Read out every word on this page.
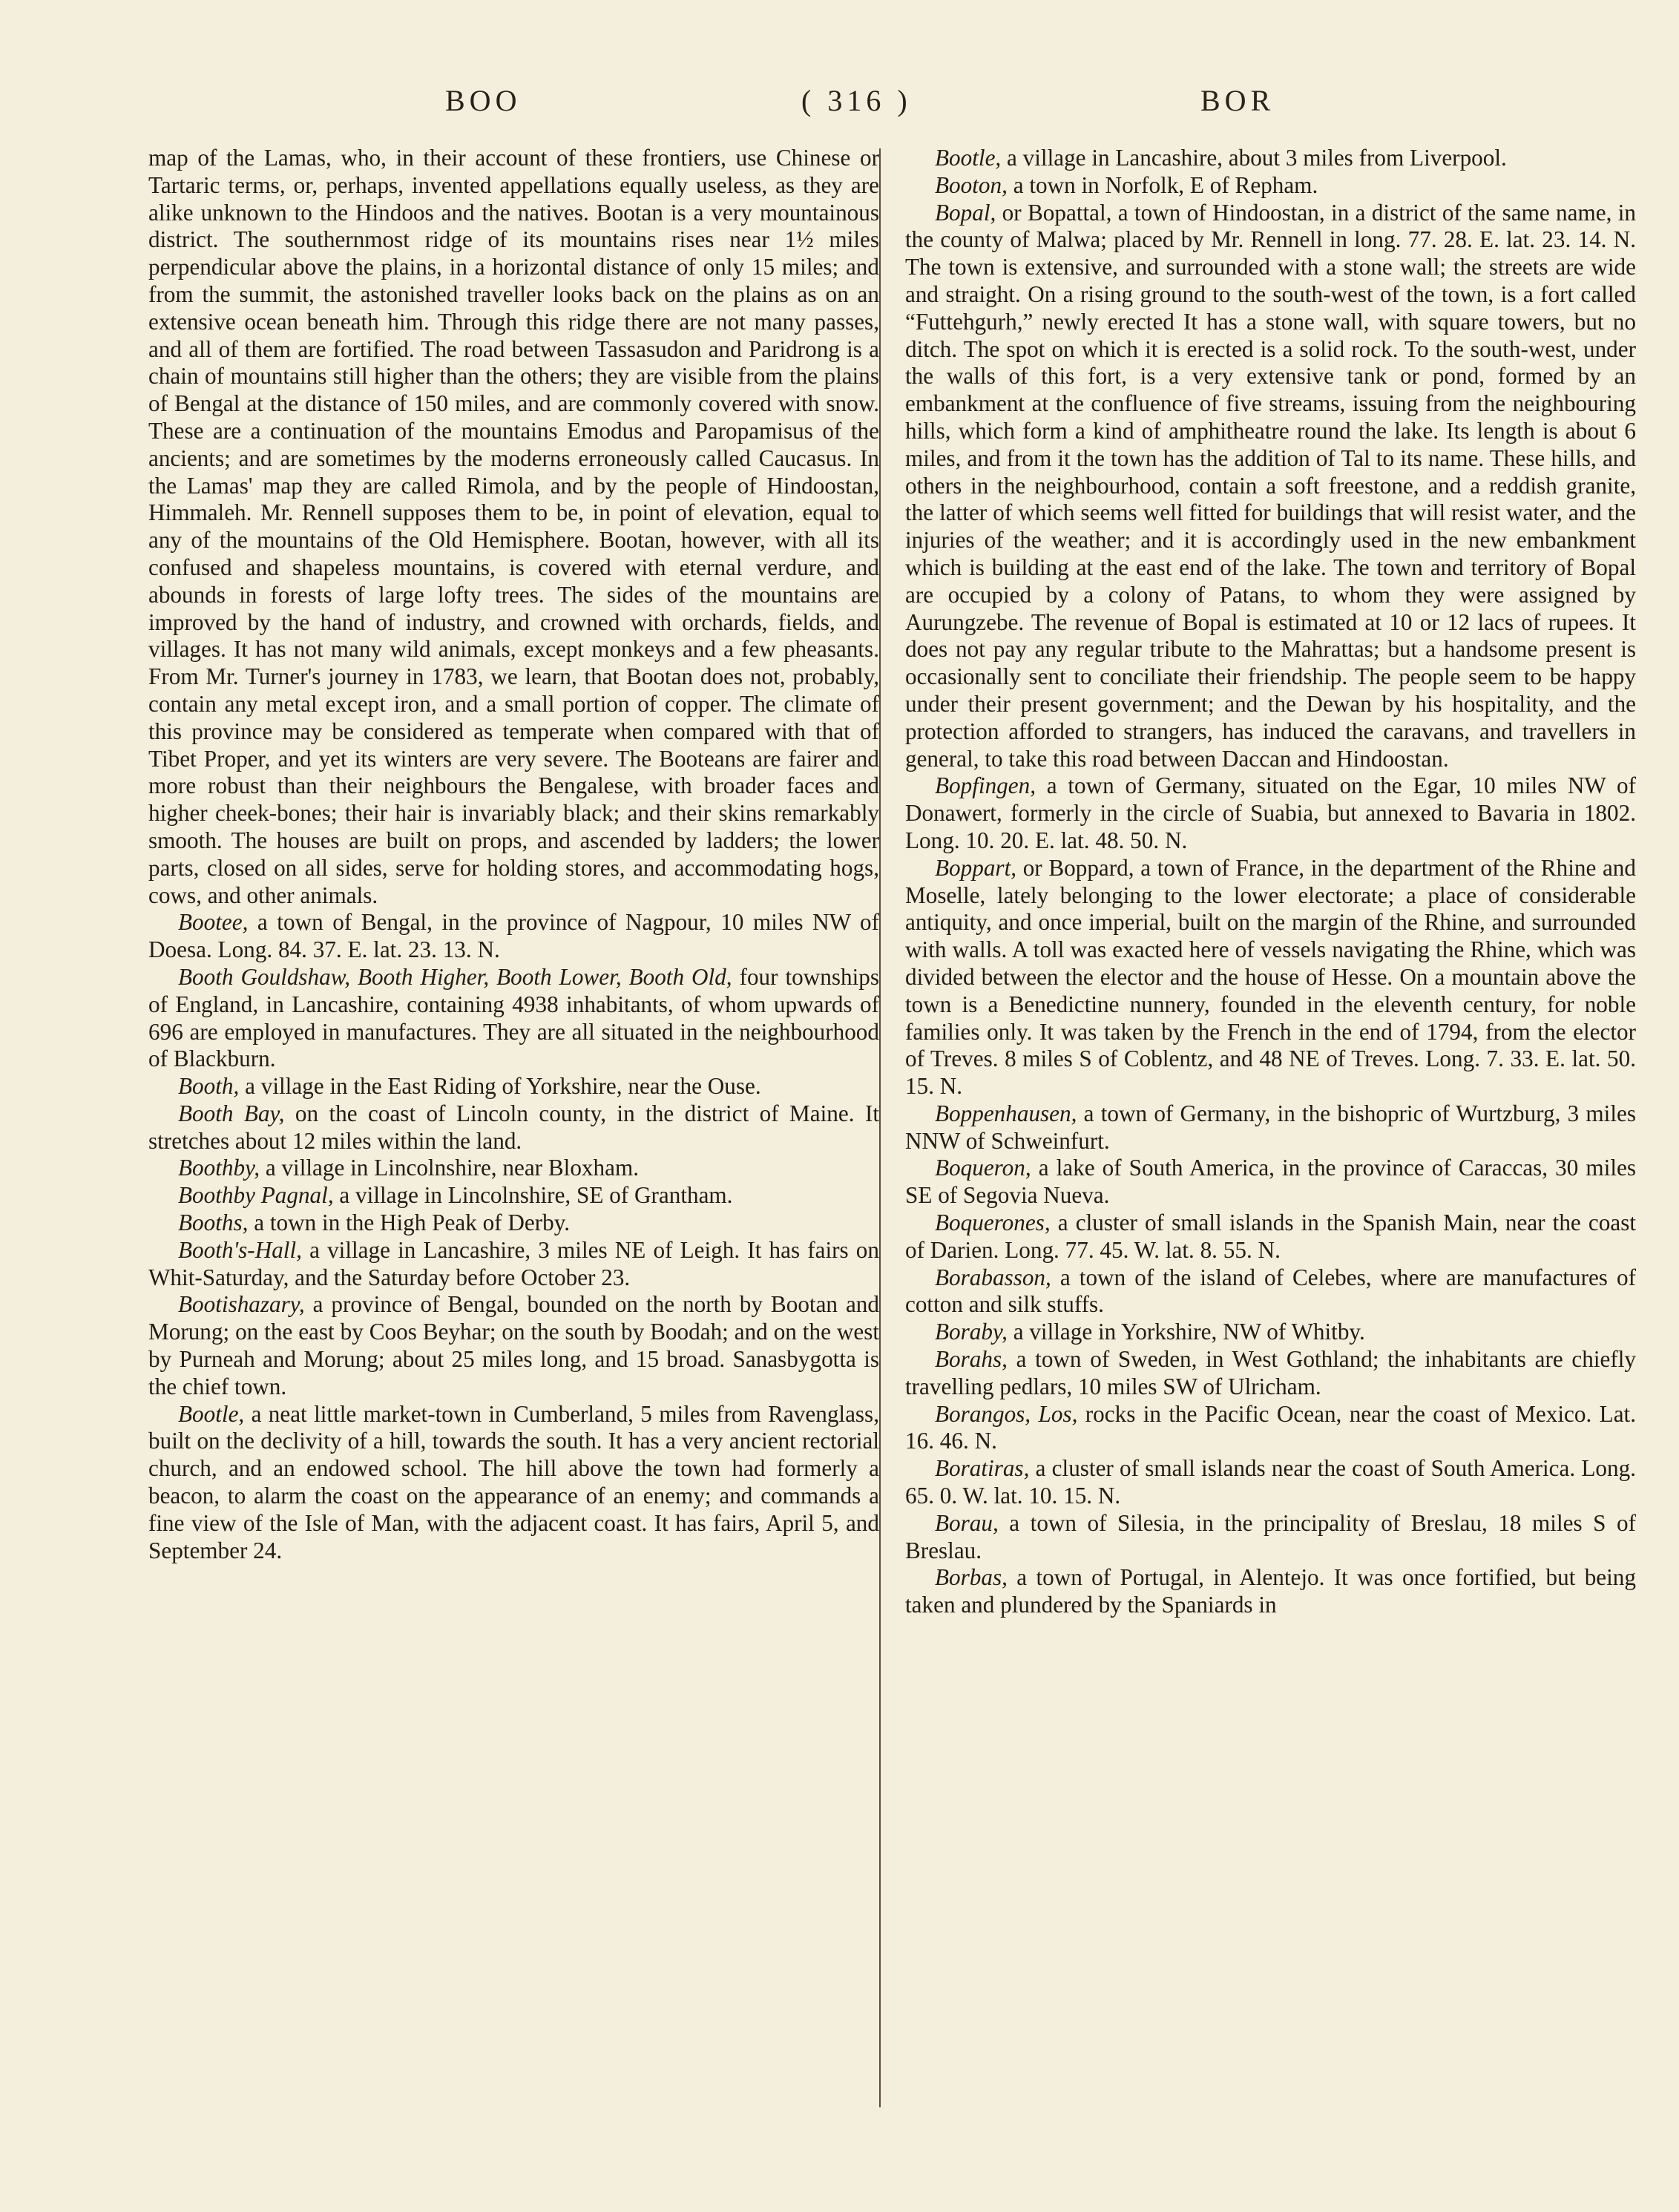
BOO	( 316 )	BOR

map of the Lamas, who, in their account of these frontiers, use Chinese or Tartaric terms, or, perhaps, invented appellations equally useless, as they are alike unknown to the Hindoos and the natives. Bootan is a very mountainous district. The southernmost ridge of its mountains rises near 1½ miles perpendicular above the plains, in a horizontal distance of only 15 miles; and from the summit, the astonished traveller looks back on the plains as on an extensive ocean beneath him. Through this ridge there are not many passes, and all of them are fortified. The road between Tassasudon and Paridrong is a chain of mountains still higher than the others; they are visible from the plains of Bengal at the distance of 150 miles, and are commonly covered with snow. These are a continuation of the mountains Emodus and Paropamisus of the ancients; and are sometimes by the moderns erroneously called Caucasus. In the Lamas' map they are called Rimola, and by the people of Hindoostan, Himmaleh. Mr. Rennell supposes them to be, in point of elevation, equal to any of the mountains of the Old Hemisphere. Bootan, however, with all its confused and shapeless mountains, is covered with eternal verdure, and abounds in forests of large lofty trees. The sides of the mountains are improved by the hand of industry, and crowned with orchards, fields, and villages. It has not many wild animals, except monkeys and a few pheasants. From Mr. Turner's journey in 1783, we learn, that Bootan does not, probably, contain any metal except iron, and a small portion of copper. The climate of this province may be considered as temperate when compared with that of Tibet Proper, and yet its winters are very severe. The Booteans are fairer and more robust than their neighbours the Bengalese, with broader faces and higher cheek-bones; their hair is invariably black; and their skins remarkably smooth. The houses are built on props, and ascended by ladders; the lower parts, closed on all sides, serve for holding stores, and accommodating hogs, cows, and other animals.

Bootee, a town of Bengal, in the province of Nagpour, 10 miles NW of Doesa. Long. 84. 37. E. lat. 23. 13. N.

Booth Gouldshaw, Booth Higher, Booth Lower, Booth Old, four townships of England, in Lancashire, containing 4938 inhabitants, of whom upwards of 696 are employed in manufactures. They are all situated in the neighbourhood of Blackburn.

Booth, a village in the East Riding of Yorkshire, near the Ouse.

Booth Bay, on the coast of Lincoln county, in the district of Maine. It stretches about 12 miles within the land.

Boothby, a village in Lincolnshire, near Bloxham.

Boothby Pagnal, a village in Lincolnshire, SE of Grantham.

Booths, a town in the High Peak of Derby.

Booth's-Hall, a village in Lancashire, 3 miles NE of Leigh. It has fairs on Whit-Saturday, and the Saturday before October 23.

Bootishazary, a province of Bengal, bounded on the north by Bootan and Morung; on the east by Coos Beyhar; on the south by Boodah; and on the west by Purneah and Morung; about 25 miles long, and 15 broad. Sanasbygotta is the chief town.

Bootle, a neat little market-town in Cumberland, 5 miles from Ravenglass, built on the declivity of a hill, towards the south. It has a very ancient rectorial church, and an endowed school. The hill above the town had formerly a beacon, to alarm the coast on the appearance of an enemy; and commands a fine view of the Isle of Man, with the adjacent coast. It has fairs, April 5, and September 24.

Bootle, a village in Lancashire, about 3 miles from Liverpool.

Booton, a town in Norfolk, E of Repham.

Bopal, or Bopattal, a town of Hindoostan, in a district of the same name, in the county of Malwa; placed by Mr. Rennell in long. 77. 28. E. lat. 23. 14. N. The town is extensive, and surrounded with a stone wall; the streets are wide and straight. On a rising ground to the south-west of the town, is a fort called “Futtehgurh,” newly erected It has a stone wall, with square towers, but no ditch. The spot on which it is erected is a solid rock. To the south-west, under the walls of this fort, is a very extensive tank or pond, formed by an embankment at the confluence of five streams, issuing from the neighbouring hills, which form a kind of amphitheatre round the lake. Its length is about 6 miles, and from it the town has the addition of Tal to its name. These hills, and others in the neighbourhood, contain a soft freestone, and a reddish granite, the latter of which seems well fitted for buildings that will resist water, and the injuries of the weather; and it is accordingly used in the new embankment which is building at the east end of the lake. The town and territory of Bopal are occupied by a colony of Patans, to whom they were assigned by Aurungzebe. The revenue of Bopal is estimated at 10 or 12 lacs of rupees. It does not pay any regular tribute to the Mahrattas; but a handsome present is occasionally sent to conciliate their friendship. The people seem to be happy under their present government; and the Dewan by his hospitality, and the protection afforded to strangers, has induced the caravans, and travellers in general, to take this road between Daccan and Hindoostan.

Bopfingen, a town of Germany, situated on the Egar, 10 miles NW of Donawert, formerly in the circle of Suabia, but annexed to Bavaria in 1802. Long. 10. 20. E. lat. 48. 50. N.

Boppart, or Boppard, a town of France, in the department of the Rhine and Moselle, lately belonging to the lower electorate; a place of considerable antiquity, and once imperial, built on the margin of the Rhine, and surrounded with walls. A toll was exacted here of vessels navigating the Rhine, which was divided between the elector and the house of Hesse. On a mountain above the town is a Benedictine nunnery, founded in the eleventh century, for noble families only. It was taken by the French in the end of 1794, from the elector of Treves. 8 miles S of Coblentz, and 48 NE of Treves. Long. 7. 33. E. lat. 50. 15. N.

Boppenhausen, a town of Germany, in the bishopric of Wurtzburg, 3 miles NNW of Schweinfurt.

Boqueron, a lake of South America, in the province of Caraccas, 30 miles SE of Segovia Nueva.

Boquerones, a cluster of small islands in the Spanish Main, near the coast of Darien. Long. 77. 45. W. lat. 8. 55. N.

Borabasson, a town of the island of Celebes, where are manufactures of cotton and silk stuffs.

Boraby, a village in Yorkshire, NW of Whitby.

Borahs, a town of Sweden, in West Gothland; the inhabitants are chiefly travelling pedlars, 10 miles SW of Ulricham.

Borangos, Los, rocks in the Pacific Ocean, near the coast of Mexico. Lat. 16. 46. N.

Boratiras, a cluster of small islands near the coast of South America. Long. 65. 0. W. lat. 10. 15. N.

Borau, a town of Silesia, in the principality of Breslau, 18 miles S of Breslau.

Borbas, a town of Portugal, in Alentejo. It was once fortified, but being taken and plundered by the Spaniards in
